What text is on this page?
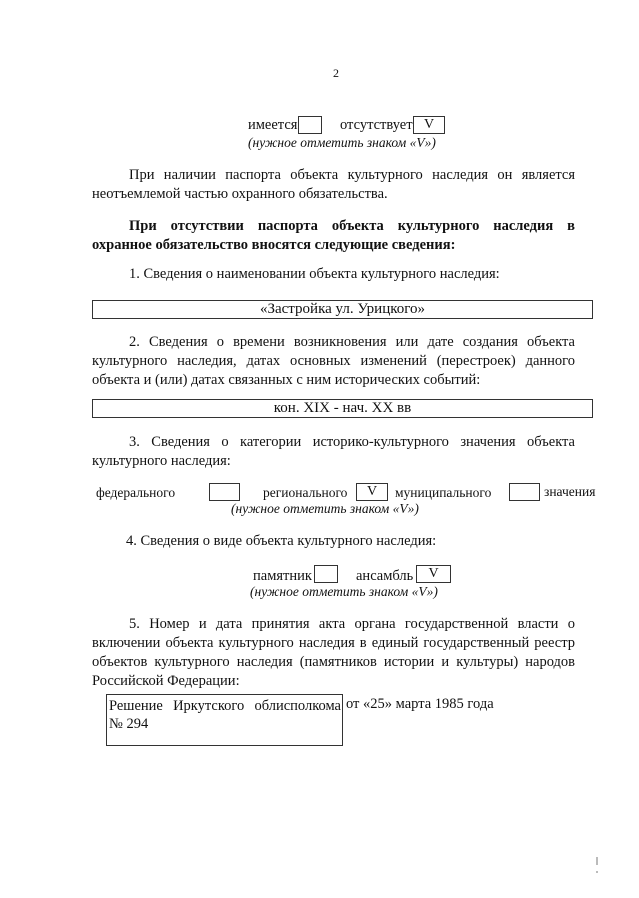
2
имеется	отсутствует V
(нужное отметить знаком «V»)
При наличии паспорта объекта культурного наследия он является неотъемлемой частью охранного обязательства.
При отсутствии паспорта объекта культурного наследия в охранное обязательство вносятся следующие сведения:
1. Сведения о наименовании объекта культурного наследия:
«Застройка ул. Урицкого»
2. Сведения о времени возникновения или дате создания объекта культурного наследия, датах основных изменений (перестроек) данного объекта и (или) датах связанных с ним исторических событий:
кон. XIX - нач. XX вв
3. Сведения о категории историко-культурного значения объекта культурного наследия:
федерального	регионального	V	муниципального	значения
(нужное отметить знаком «V»)
4. Сведения о виде объекта культурного наследия:
памятник	ансамбль	V
(нужное отметить знаком «V»)
5. Номер и дата принятия акта органа государственной власти о включении объекта культурного наследия в единый государственный реестр объектов культурного наследия (памятников истории и культуры) народов Российской Федерации:
Решение Иркутского облисполкома
№ 294
от «25» марта 1985 года
